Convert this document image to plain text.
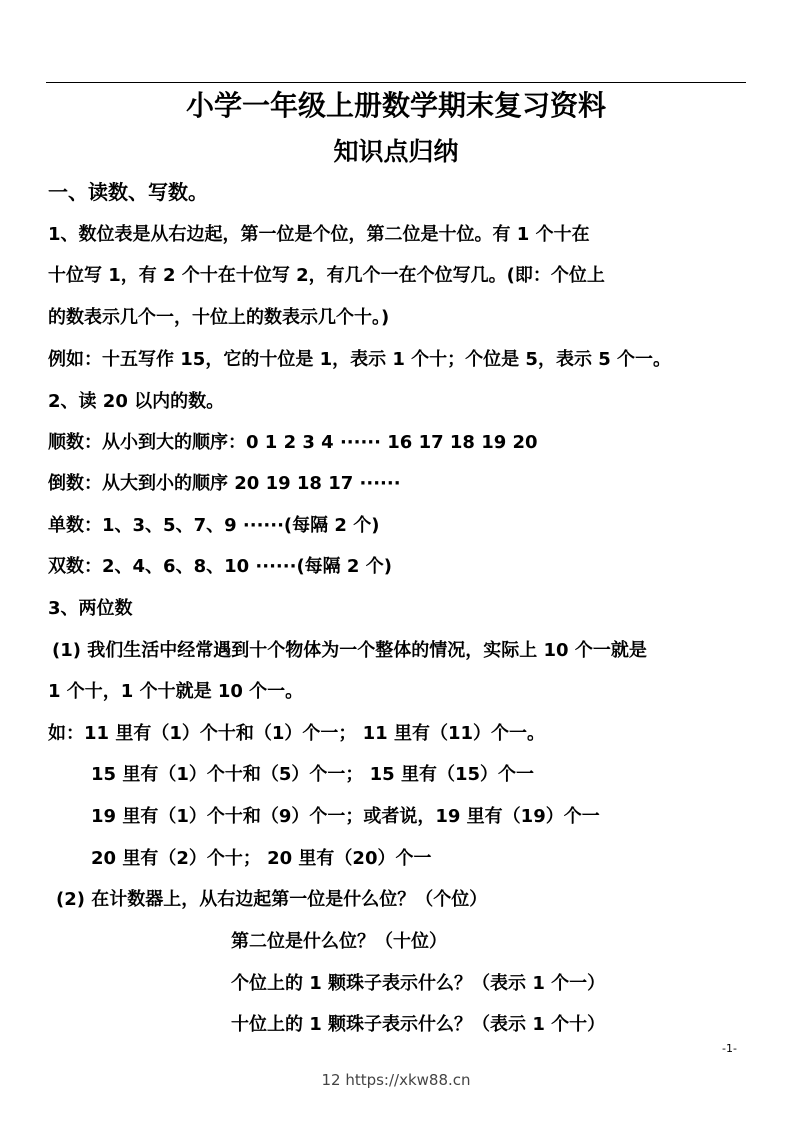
小学一年级上册数学期末复习资料
知识点归纳
一、读数、写数。
1、数位表是从右边起，第一位是个位，第二位是十位。有 1 个十在
十位写 1，有 2 个十在十位写 2，有几个一在个位写几。(即：个位上
的数表示几个一，十位上的数表示几个十。)
例如：十五写作 15，它的十位是 1，表示 1 个十；个位是 5，表示 5 个一。
2、读 20 以内的数。
顺数：从小到大的顺序：0 1 2 3 4 ······ 16 17 18 19 20
倒数：从大到小的顺序 20 19 18 17 ······
单数：1、3、5、7、9 ······(每隔 2 个)
双数：2、4、6、8、10 ······(每隔 2 个)
3、两位数
(1) 我们生活中经常遇到十个物体为一个整体的情况，实际上 10 个一就是
1 个十，1 个十就是 10 个一。
如：11 里有（1）个十和（1）个一； 11 里有（11）个一。
15 里有（1）个十和（5）个一； 15 里有（15）个一
19 里有（1）个十和（9）个一；或者说，19 里有（19）个一
20 里有（2）个十； 20 里有（20）个一
(2) 在计数器上，从右边起第一位是什么位？（个位）
第二位是什么位？（十位）
个位上的 1 颗珠子表示什么？（表示 1 个一）
十位上的 1 颗珠子表示什么？（表示 1 个十）
-1-
12 https://xkw88.cn
